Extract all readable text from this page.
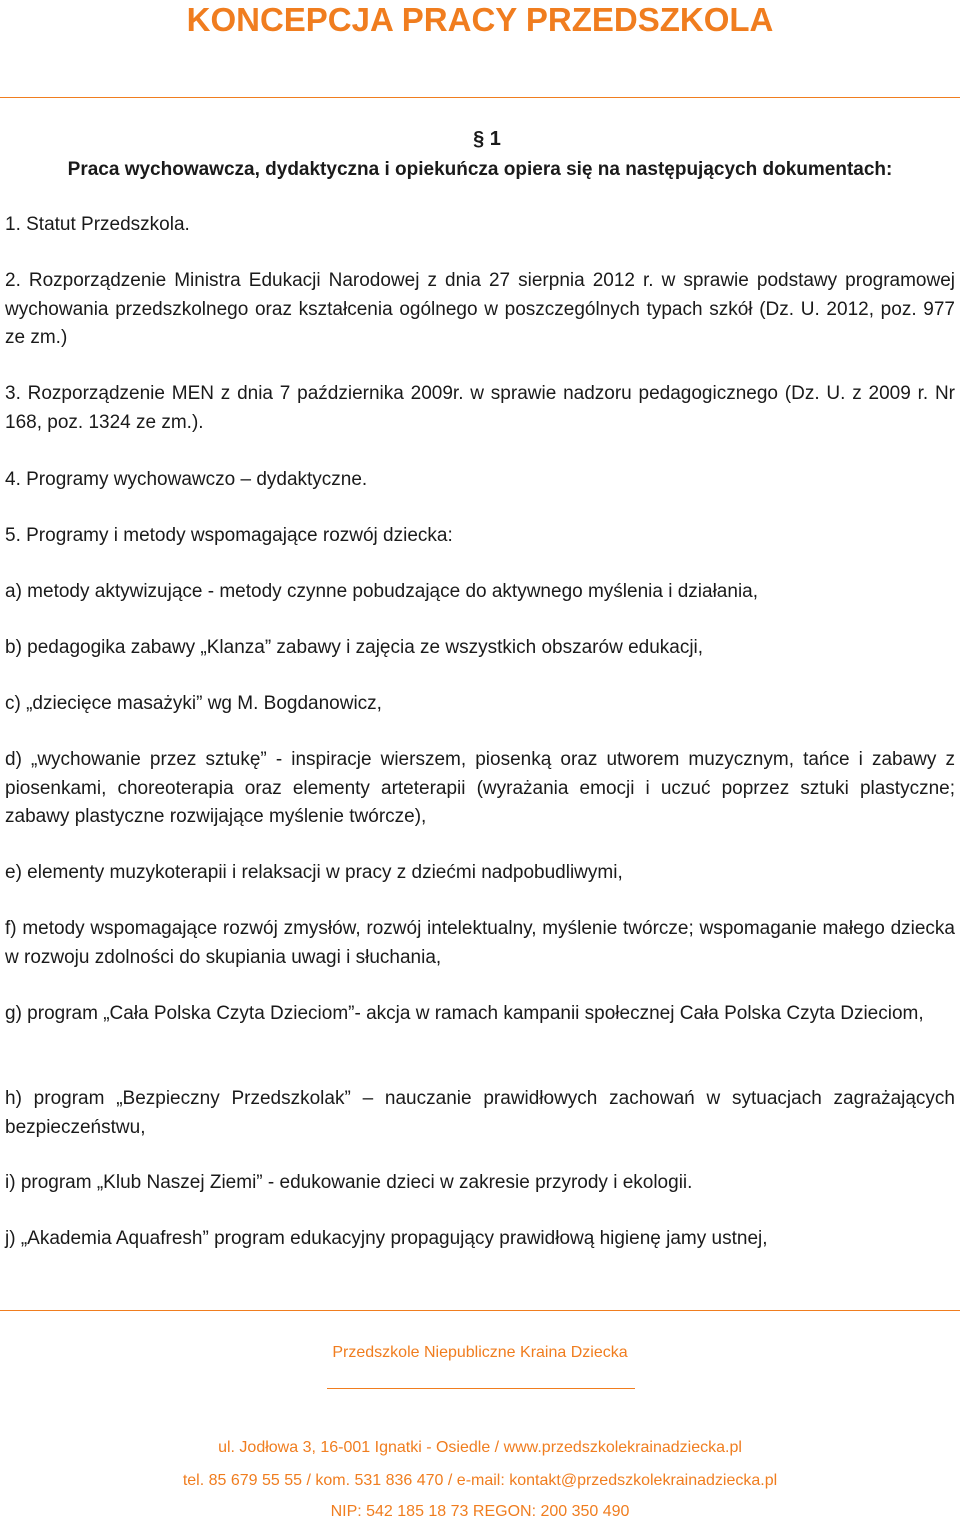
KONCEPCJA PRACY PRZEDSZKOLA
§ 1
Praca wychowawcza, dydaktyczna i opiekuńcza opiera się na następujących dokumentach:

1. Statut Przedszkola.

2. Rozporządzenie Ministra Edukacji Narodowej z dnia 27 sierpnia 2012 r. w sprawie podstawy programowej wychowania przedszkolnego oraz kształcenia ogólnego w poszczególnych typach szkół (Dz. U. 2012, poz. 977 ze zm.)

3. Rozporządzenie MEN z dnia 7 października 2009r. w sprawie nadzoru pedagogicznego (Dz. U. z 2009 r. Nr 168, poz. 1324 ze zm.).

4. Programy wychowawczo – dydaktyczne.

5. Programy i metody wspomagające rozwój dziecka:

a) metody aktywizujące - metody czynne pobudzające do aktywnego myślenia i działania,

b) pedagogika zabawy „Klanza” zabawy i zajęcia ze wszystkich obszarów edukacji,

c) „dziecięce masażyki” wg M. Bogdanowicz,

d) „wychowanie przez sztukę” - inspiracje wierszem, piosenką oraz utworem muzycznym, tańce i zabawy z piosenkami, choreoterapia oraz elementy arteterapii (wyrażania emocji i uczuć poprzez sztuki plastyczne; zabawy plastyczne rozwijające myślenie twórcze),

e) elementy muzykoterapii i relaksacji w pracy z dziećmi nadpobudliwymi,

f) metody wspomagające rozwój zmysłów, rozwój intelektualny, myślenie twórcze; wspomaganie małego dziecka w rozwoju zdolności do skupiania uwagi i słuchania,

g) program „Cała Polska Czyta Dzieciom”- akcja w ramach kampanii społecznej Cała Polska Czyta Dzieciom,

h) program „Bezpieczny Przedszkolak” – nauczanie prawidłowych zachowań w sytuacjach zagrażających bezpieczeństwu,

i) program „Klub Naszej Ziemi” - edukowanie dzieci w zakresie przyrody i ekologii.

j) „Akademia Aquafresh” program edukacyjny propagujący prawidłową higienę jamy ustnej,

Przedszkole Niepubliczne Kraina Dziecka
ul. Jodłowa 3, 16-001 Ignatki - Osiedle / www.przedszkolekrainadziecka.pl
tel. 85 679 55 55 / kom. 531 836 470 / e-mail: kontakt@przedszkolekrainadziecka.pl
NIP: 542 185 18 73 REGON: 200 350 490
